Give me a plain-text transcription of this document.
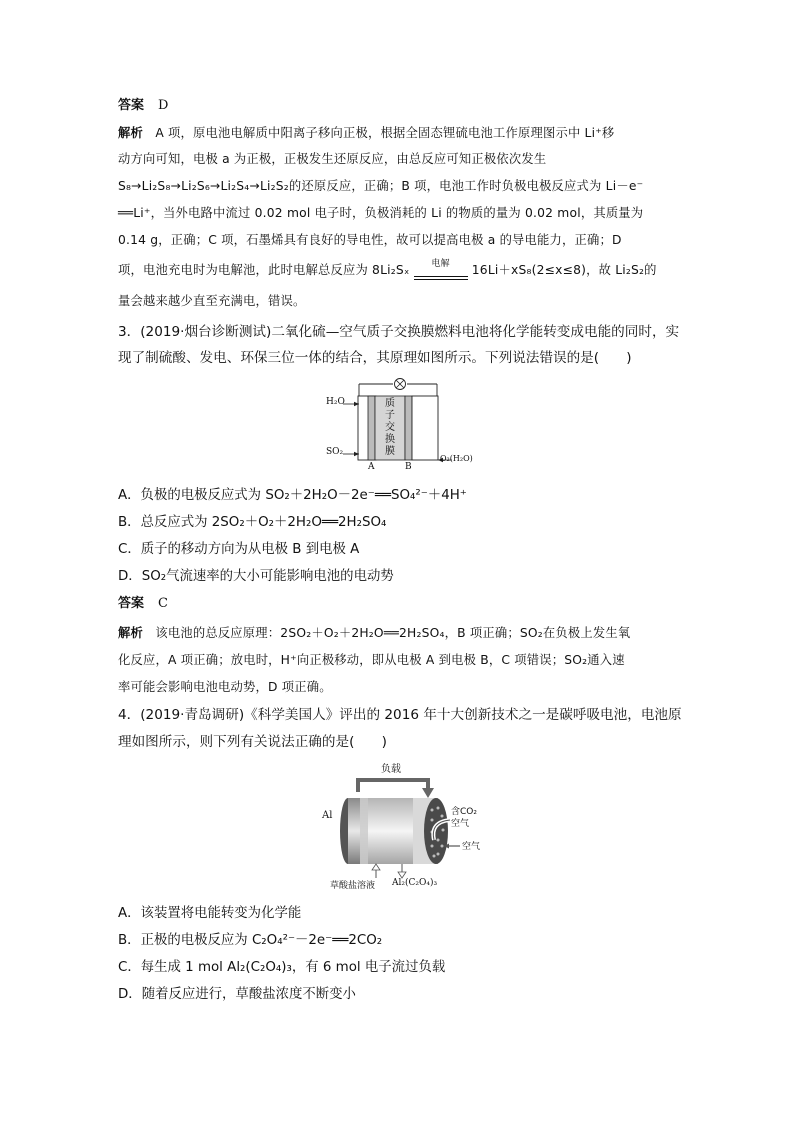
答案 D
解析 A 项，原电池电解质中阳离子移向正极，根据全固态锂硫电池工作原理图示中 Li⁺移
动方向可知，电极 a 为正极，正极发生还原反应，由总反应可知正极依次发生
S₈→Li₂S₈→Li₂S₆→Li₂S₄→Li₂S₂的还原反应，正确；B 项，电池工作时负极电极反应式为 Li－e⁻
══Li⁺，当外电路中流过 0.02 mol 电子时，负极消耗的 Li 的物质的量为 0.02 mol，其质量为
0.14 g，正确；C 项，石墨烯具有良好的导电性，故可以提高电极 a 的导电能力，正确；D
项，电池充电时为电解池，此时电解总反应为 8Li₂Sₓ	电解	16Li＋xS₈(2≤x≤8)，故 Li₂S₂的
量会越来越少直至充满电，错误。
3．(2019·烟台诊断测试)二氧化硫—空气质子交换膜燃料电池将化学能转变成电能的同时，实
现了制硫酸、发电、环保三位一体的结合，其原理如图所示。下列说法错误的是(　　)
H₂O
SO₂
质
子
交
换
膜
A	B
O₂(H₂O)
A．负极的电极反应式为 SO₂＋2H₂O－2e⁻══SO₄²⁻＋4H⁺
B．总反应式为 2SO₂＋O₂＋2H₂O══2H₂SO₄
C．质子的移动方向为从电极 B 到电极 A
D．SO₂气流速率的大小可能影响电池的电动势
答案 C
解析 该电池的总反应原理：2SO₂＋O₂＋2H₂O══2H₂SO₄，B 项正确；SO₂在负极上发生氧
化反应，A 项正确；放电时，H⁺向正极移动，即从电极 A 到电极 B，C 项错误；SO₂通入速
率可能会影响电池电动势，D 项正确。
4．(2019·青岛调研)《科学美国人》评出的 2016 年十大创新技术之一是碳呼吸电池，电池原
理如图所示，则下列有关说法正确的是(　　)
负载
Al	含CO₂
空气
空气
草酸盐溶液 Al₂(C₂O₄)₃
A．该装置将电能转变为化学能
B．正极的电极反应为 C₂O₄²⁻－2e⁻══2CO₂
C．每生成 1 mol Al₂(C₂O₄)₃，有 6 mol 电子流过负载
D．随着反应进行，草酸盐浓度不断变小
